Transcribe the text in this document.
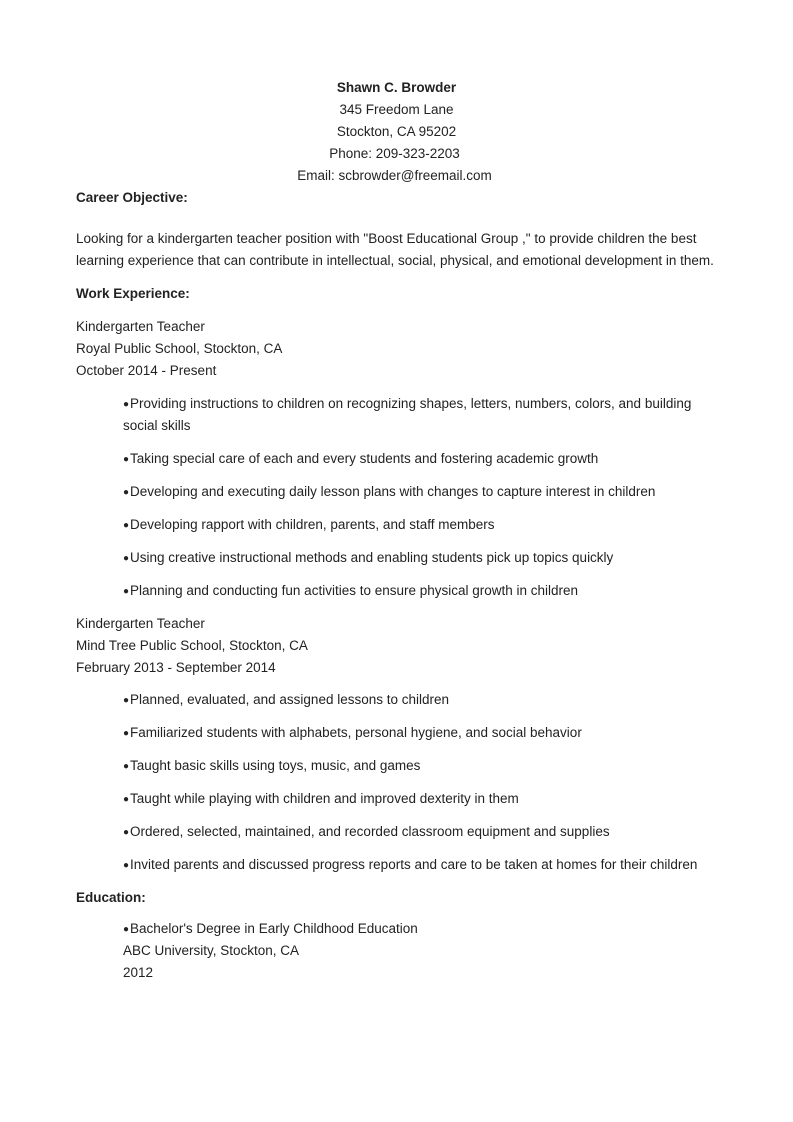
Shawn C. Browder
345 Freedom Lane
Stockton, CA 95202
Phone: 209-323-2203
Email: scbrowder@freemail.com
Career Objective:
Looking for a kindergarten teacher position with "Boost Educational Group ," to provide children the best
learning experience that can contribute in intellectual, social, physical, and emotional development in them.
Work Experience:
Kindergarten Teacher
Royal Public School, Stockton, CA
October 2014 - Present
●Providing instructions to children on recognizing shapes, letters, numbers, colors, and building
social skills
●Taking special care of each and every students and fostering academic growth
●Developing and executing daily lesson plans with changes to capture interest in children
●Developing rapport with children, parents, and staff members
●Using creative instructional methods and enabling students pick up topics quickly
●Planning and conducting fun activities to ensure physical growth in children
Kindergarten Teacher
Mind Tree Public School, Stockton, CA
February 2013 - September 2014
●Planned, evaluated, and assigned lessons to children
●Familiarized students with alphabets, personal hygiene, and social behavior
●Taught basic skills using toys, music, and games
●Taught while playing with children and improved dexterity in them
●Ordered, selected, maintained, and recorded classroom equipment and supplies
●Invited parents and discussed progress reports and care to be taken at homes for their children
Education:
●Bachelor's Degree in Early Childhood Education
ABC University, Stockton, CA
2012
